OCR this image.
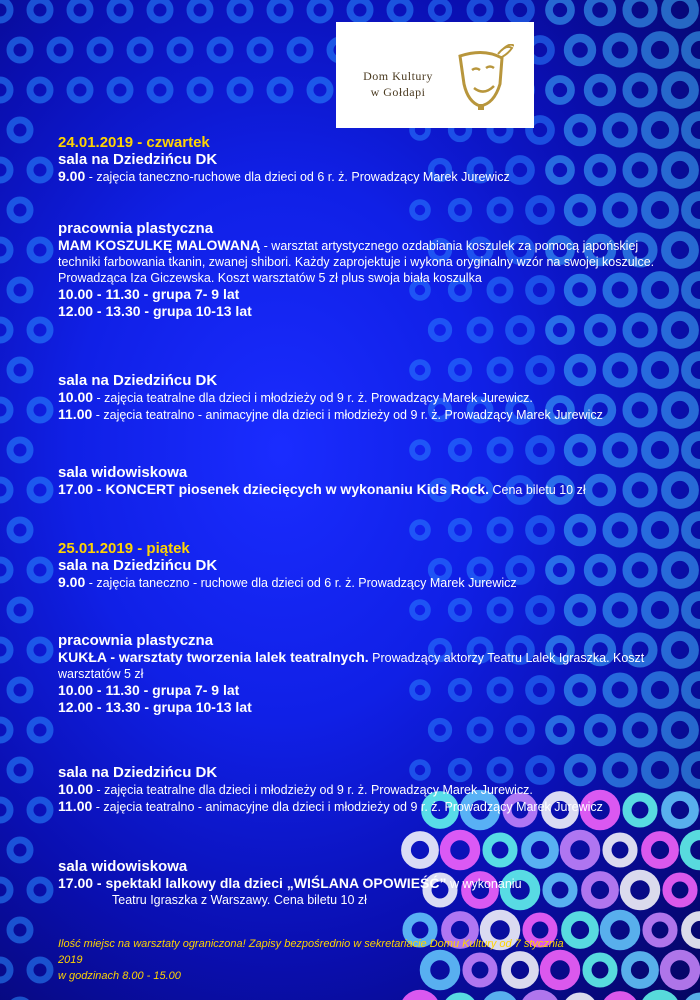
Dom Kultury
w Gołdapi
24.01.2019 - czwartek
sala na Dziedzińcu DK
9.00 - zajęcia taneczno-ruchowe dla dzieci od 6 r. ż. Prowadzący Marek Jurewicz
pracownia plastyczna
MAM KOSZULKĘ MALOWANĄ - warsztat artystycznego ozdabiania koszulek za pomocą japońskiej techniki farbowania tkanin, zwanej shibori. Każdy zaprojektuje i wykona oryginalny wzór na swojej koszulce. Prowadząca Iza Giczewska. Koszt warsztatów 5 zł plus swoja biała koszulka
10.00 - 11.30 - grupa 7- 9 lat
12.00 - 13.30 - grupa 10-13 lat
sala na Dziedzińcu DK
10.00 - zajęcia teatralne dla dzieci i młodzieży od 9 r. ż. Prowadzący Marek Jurewicz.
11.00 - zajęcia teatralno - animacyjne dla dzieci i młodzieży od 9 r. ż. Prowadzący Marek Jurewicz
sala widowiskowa
17.00 - KONCERT piosenek dziecięcych w wykonaniu Kids Rock. Cena biletu 10 zł
25.01.2019 - piątek
sala na Dziedzińcu DK
9.00 - zajęcia taneczno - ruchowe dla dzieci od 6 r. ż. Prowadzący Marek Jurewicz
pracownia plastyczna
KUKŁA - warsztaty tworzenia lalek teatralnych. Prowadzący aktorzy Teatru Lalek Igraszka. Koszt warsztatów 5 zł
10.00 - 11.30 - grupa 7- 9 lat
12.00 - 13.30 - grupa 10-13 lat
sala na Dziedzińcu DK
10.00 - zajęcia teatralne dla dzieci i młodzieży od 9 r. ż. Prowadzący Marek Jurewicz.
11.00 - zajęcia teatralno - animacyjne dla dzieci i młodzieży od 9 r. ż. Prowadzący Marek Jurewicz
sala widowiskowa
17.00 - spektakl lalkowy dla dzieci „WIŚLANA OPOWIEŚĆ” w wykonaniu
Teatru Igraszka z Warszawy. Cena biletu 10 zł
Ilość miejsc na warsztaty ograniczona! Zapisy bezpośrednio w sekretariacie Domu Kultury od 7 stycznia 2019
w godzinach 8.00 - 15.00
